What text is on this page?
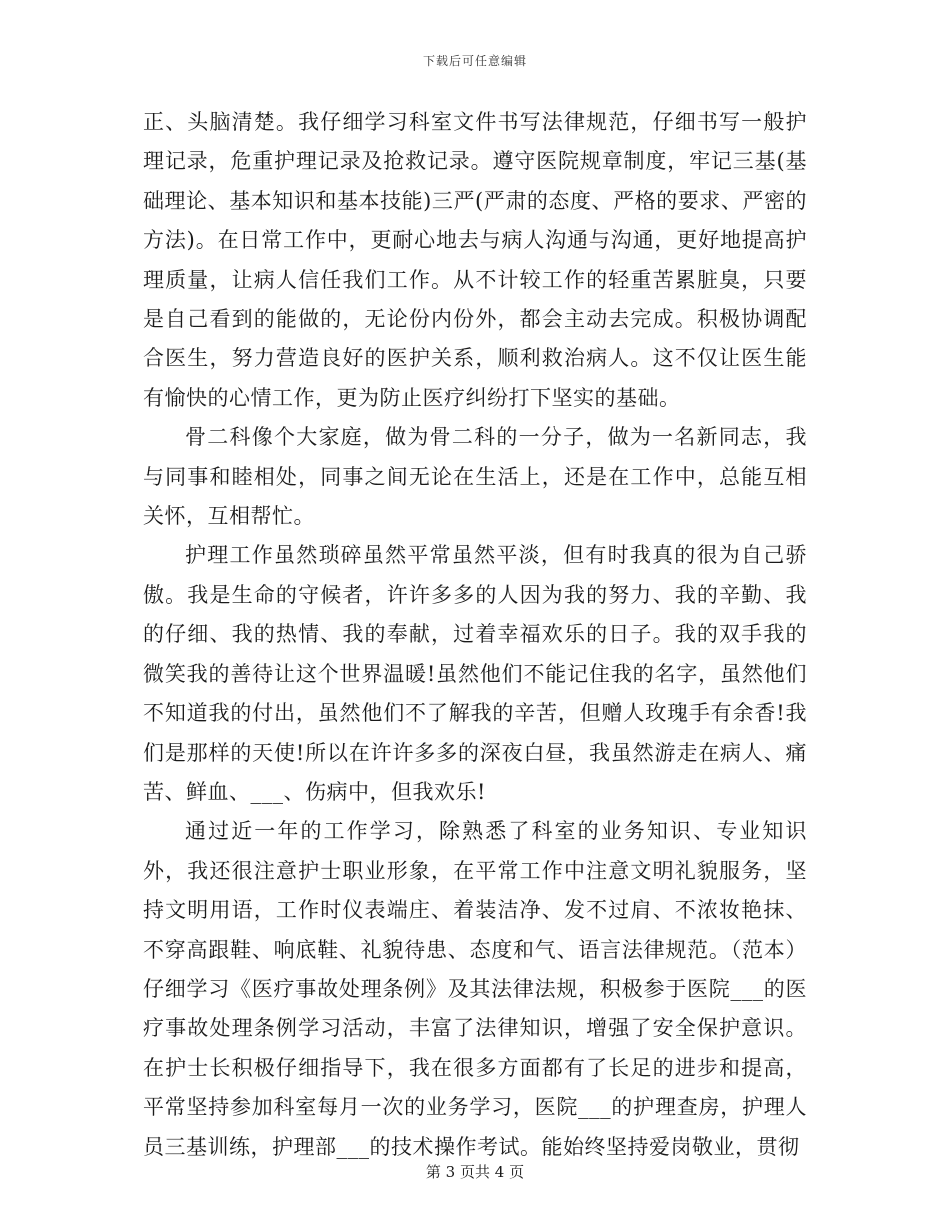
下载后可任意编辑

正、头脑清楚。我仔细学习科室文件书写法律规范，仔细书写一般护理记录，危重护理记录及抢救记录。遵守医院规章制度，牢记三基(基础理论、基本知识和基本技能)三严(严肃的态度、严格的要求、严密的方法)。在日常工作中，更耐心地去与病人沟通与沟通，更好地提高护理质量，让病人信任我们工作。从不计较工作的轻重苦累脏臭，只要是自己看到的能做的，无论份内份外，都会主动去完成。积极协调配合医生，努力营造良好的医护关系，顺利救治病人。这不仅让医生能有愉快的心情工作，更为防止医疗纠纷打下坚实的基础。

骨二科像个大家庭，做为骨二科的一分子，做为一名新同志，我与同事和睦相处，同事之间无论在生活上，还是在工作中，总能互相关怀，互相帮忙。

护理工作虽然琐碎虽然平常虽然平淡，但有时我真的很为自己骄傲。我是生命的守候者，许许多多的人因为我的努力、我的辛勤、我的仔细、我的热情、我的奉献，过着幸福欢乐的日子。我的双手我的微笑我的善待让这个世界温暖!虽然他们不能记住我的名字，虽然他们不知道我的付出，虽然他们不了解我的辛苦，但赠人玫瑰手有余香!我们是那样的天使!所以在许许多多的深夜白昼，我虽然游走在病人、痛苦、鲜血、___、伤病中，但我欢乐!

通过近一年的工作学习，除熟悉了科室的业务知识、专业知识外，我还很注意护士职业形象，在平常工作中注意文明礼貌服务，坚持文明用语，工作时仪表端庄、着装洁净、发不过肩、不浓妆艳抹、不穿高跟鞋、响底鞋、礼貌待患、态度和气、语言法律规范。（范本）仔细学习《医疗事故处理条例》及其法律法规，积极参于医院___的医疗事故处理条例学习活动，丰富了法律知识，增强了安全保护意识。在护士长积极仔细指导下，我在很多方面都有了长足的进步和提高，平常坚持参加科室每月一次的业务学习，医院___的护理查房，护理人员三基训练，护理部___的技术操作考试。能始终坚持爱岗敬业，贯彻

第 3 页共 4 页
